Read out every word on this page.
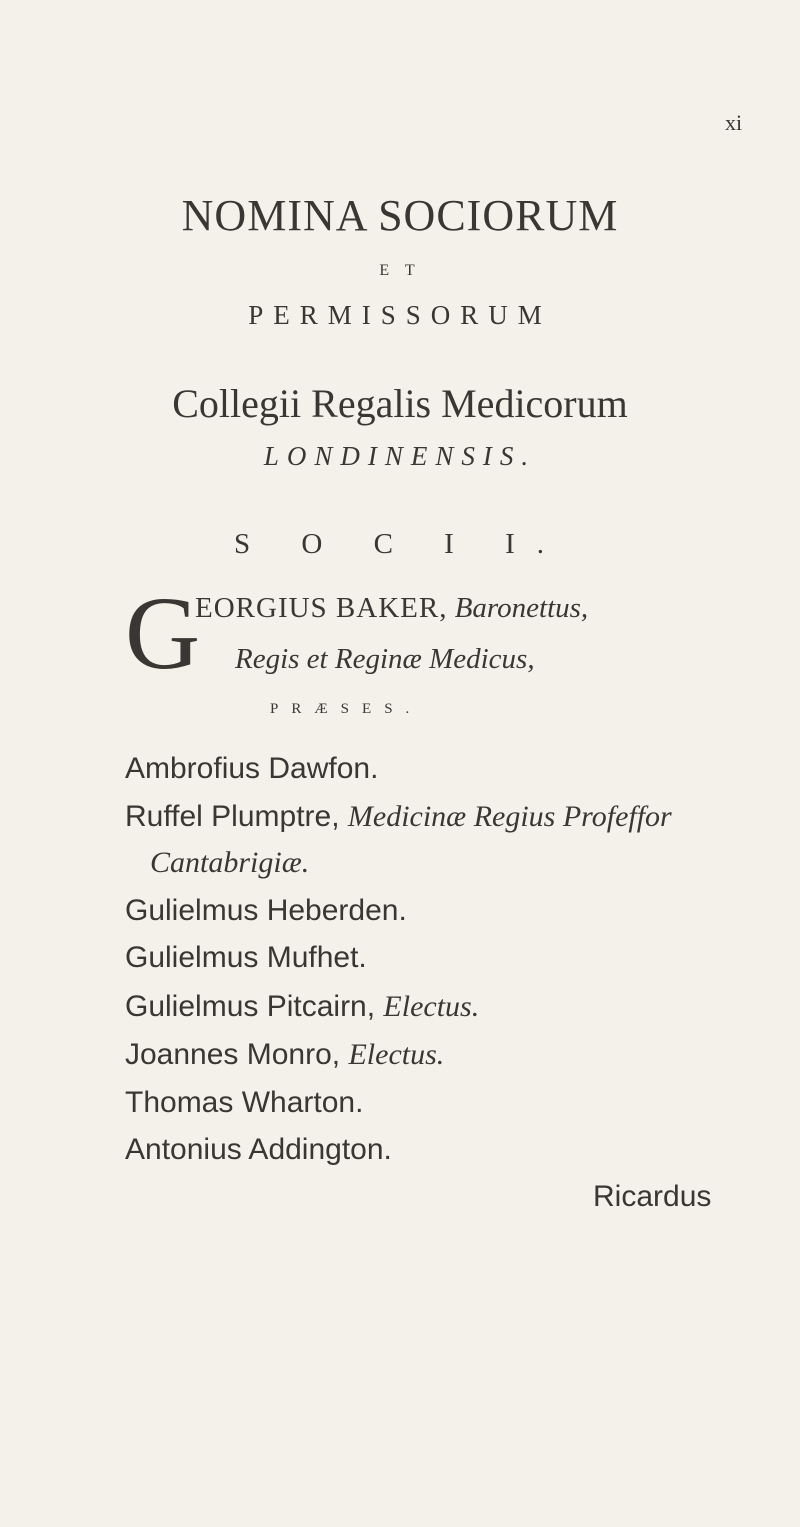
xi
NOMINA SOCIORUM
E T
PERMISSORUM
Collegii Regalis Medicorum
LONDINENSIS.
S O C I I.
G
EORGIUS BAKER, Baronettus,
Regis et Reginæ Medicus,
PRÆSES.
Ambrofius Dawfon.
Ruffel Plumptre, Medicinæ Regius Profeffor
Cantabrigiæ.
Gulielmus Heberden.
Gulielmus Mufhet.
Gulielmus Pitcairn, Electus.
Joannes Monro, Electus.
Thomas Wharton.
Antonius Addington.
Ricardus
